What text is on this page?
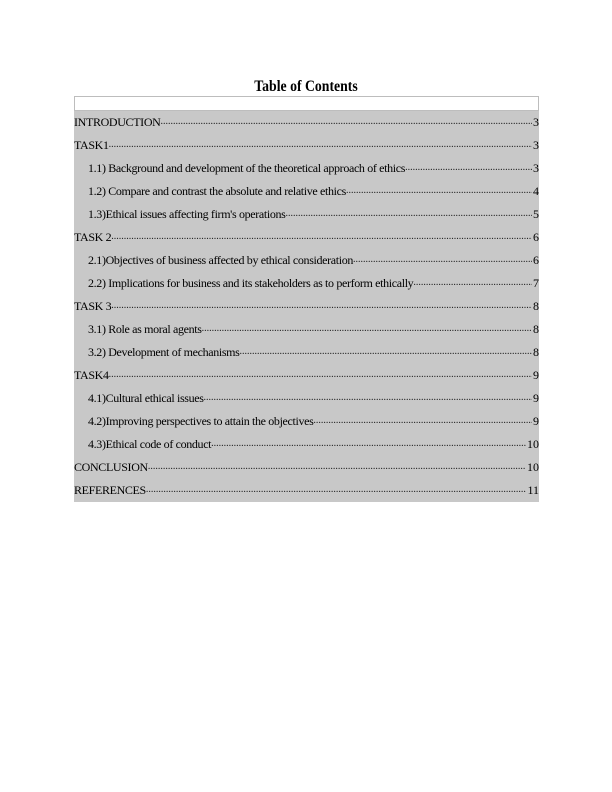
Table of Contents
INTRODUCTION .....	3
TASK1 .....	3
1.1) Background and development of the theoretical approach of ethics .....	3
1.2) Compare and contrast the absolute and relative ethics .....	4
1.3)Ethical issues affecting firm's operations .....	5
TASK 2 .....	6
2.1)Objectives of business affected by ethical consideration .....	6
2.2) Implications for business and its stakeholders as to perform ethically .....	7
TASK 3 .....	8
3.1) Role as moral agents .....	8
3.2) Development of mechanisms .....	8
TASK4 .....	9
4.1)Cultural ethical issues .....	9
4.2)Improving perspectives to attain the objectives .....	9
4.3)Ethical code of conduct .....	10
CONCLUSION .....	10
REFERENCES .....	11
